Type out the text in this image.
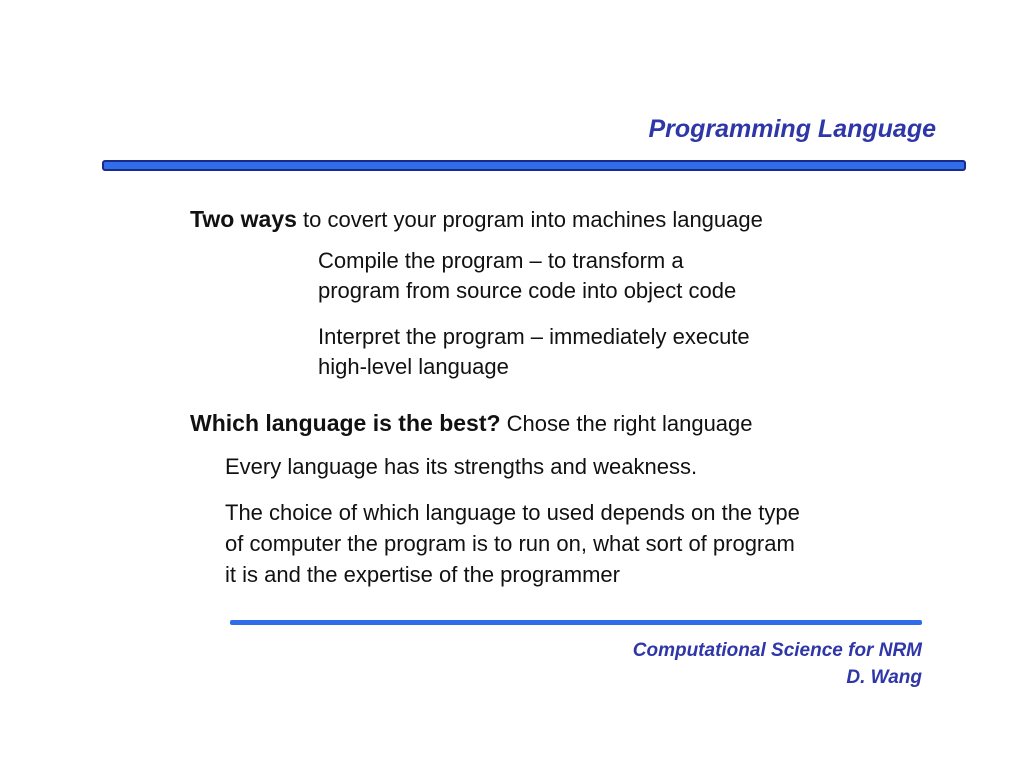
Programming Language
Two ways to covert your program into machines language
Compile the program – to transform a
program from source code into object code
Interpret the program – immediately execute
high-level language
Which language is the best? Chose the right language
Every language has its strengths and weakness.
The choice of which language to used depends on the type
of computer the program is to run on, what sort of program
it is and the expertise of the programmer
Computational Science for NRM
D. Wang
